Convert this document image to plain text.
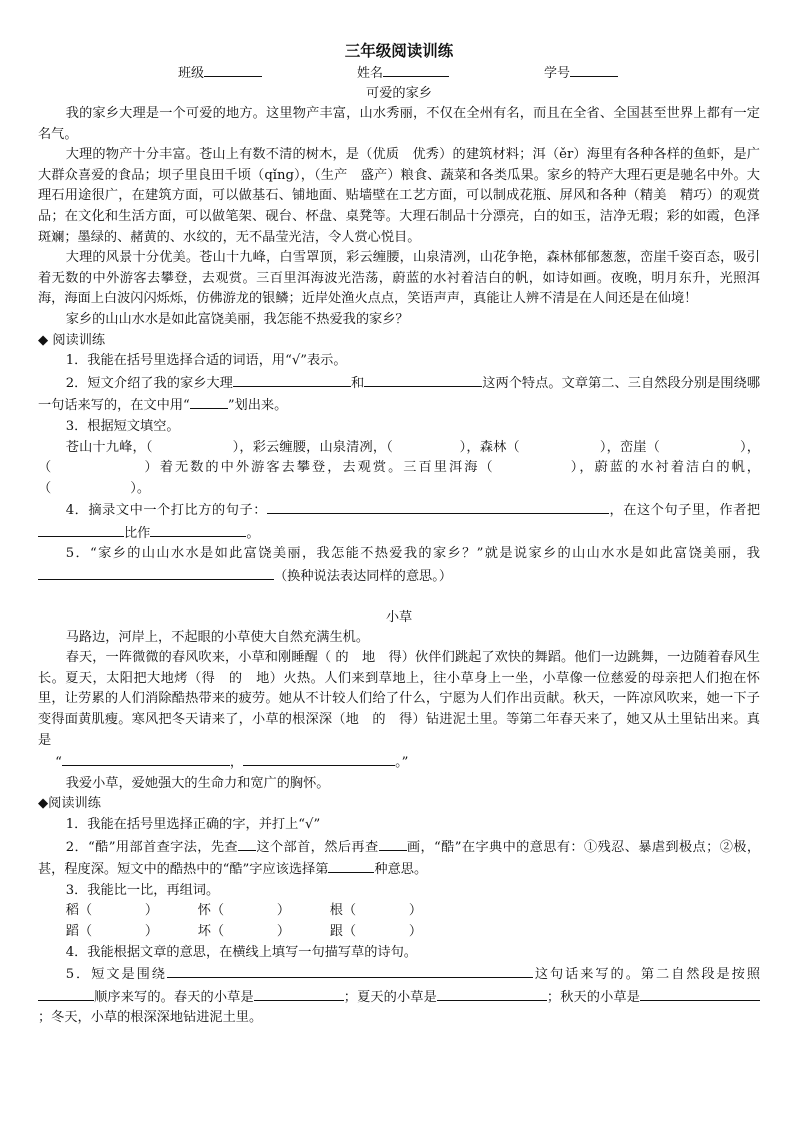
三年级阅读训练
班级	姓名	学号
可爱的家乡

我的家乡大理是一个可爱的地方。这里物产丰富，山水秀丽，不仅在全州有名，而且在全省、全国甚至世界上都有一定名气。

大理的物产十分丰富。苍山上有数不清的树木，是（优质　优秀）的建筑材料；洱（ěr）海里有各种各样的鱼虾，是广大群众喜爱的食品；坝子里良田千顷（qǐng），（生产　盛产）粮食、蔬菜和各类瓜果。家乡的特产大理石更是驰名中外。大理石用途很广，在建筑方面，可以做基石、铺地面、贴墙壁在工艺方面，可以制成花瓶、屏风和各种（精美　精巧）的观赏品；在文化和生活方面，可以做笔架、砚台、杯盘、桌凳等。大理石制品十分漂亮，白的如玉，洁净无瑕；彩的如霞，色泽斑斓；墨绿的、赭黄的、水纹的，无不晶莹光洁，令人赏心悦目。

大理的风景十分优美。苍山十九峰，白雪罩顶，彩云缠腰，山泉清冽，山花争艳，森林郁郁葱葱，峦崖千姿百态，吸引着无数的中外游客去攀登，去观赏。三百里洱海波光浩荡，蔚蓝的水衬着洁白的帆，如诗如画。夜晚，明月东升，光照洱海，海面上白波闪闪烁烁，仿佛游龙的银鳞；近岸处渔火点点，笑语声声，真能让人辨不清是在人间还是在仙境！

家乡的山山水水是如此富饶美丽，我怎能不热爱我的家乡？

◆ 阅读训练

1．我能在括号里选择合适的词语，用“√”表示。

2．短文介绍了我的家乡大理	和	这两个特点。文章第二、三自然段分别是围绕哪一句话来写的，在文中用“	”划出来。

3．根据短文填空。

苍山十九峰，（　　　　　　），彩云缠腰，山泉清冽，（　　　　　），森林（　　　　　　），峦崖（　　　　　　），（　　　　　　）着无数的中外游客去攀登，去观赏。三百里洱海（　　　　　），蔚蓝的水衬着洁白的帆，（　　　　　　）。

4．摘录文中一个打比方的句子：	，在这个句子里，作者把比作	。

5．“家乡的山山水水是如此富饶美丽，我怎能不热爱我的家乡？”就是说家乡的山山水水是如此富饶美丽，我（换种说法表达同样的意思。）

小草

马路边，河岸上，不起眼的小草使大自然充满生机。

春天，一阵微微的春风吹来，小草和刚睡醒（ 的　地　得）伙伴们跳起了欢快的舞蹈。他们一边跳舞，一边随着春风生长。夏天，太阳把大地烤（得　的　地）火热。人们来到草地上，往小草身上一坐，小草像一位慈爱的母亲把人们抱在怀里，让劳累的人们消除酷热带来的疲劳。她从不计较人们给了什么，宁愿为人们作出贡献。秋天，一阵凉风吹来，她一下子变得面黄肌瘦。寒风把冬天请来了，小草的根深深（地　的　得）钻进泥土里。等第二年春天来了，她又从土里钻出来。真是

“	，	。”

我爱小草，爱她强大的生命力和宽广的胸怀。

◆阅读训练

1．我能在括号里选择正确的字，并打上“√”

2．“酷”用部首查字法，先查 这个部首，然后再查 画，“酷”在字典中的意思有：①残忍、暴虐到极点；②极，甚，程度深。短文中的酷热中的“酷”字应该选择第	种意思。

3．我能比一比，再组词。

稻（　　　　）	怀（　　　　）	根（　　　　）
蹈（　　　　）	坏（　　　　）	跟（　　　　）

4．我能根据文章的意思，在横线上填写一句描写草的诗句。

5．短文是围绕	这句话来写的。第二自然段是按照顺序来写的。春天的小草是	；夏天的小草是	；秋天的小草是；冬天，小草的根深深地钻进泥土里。
